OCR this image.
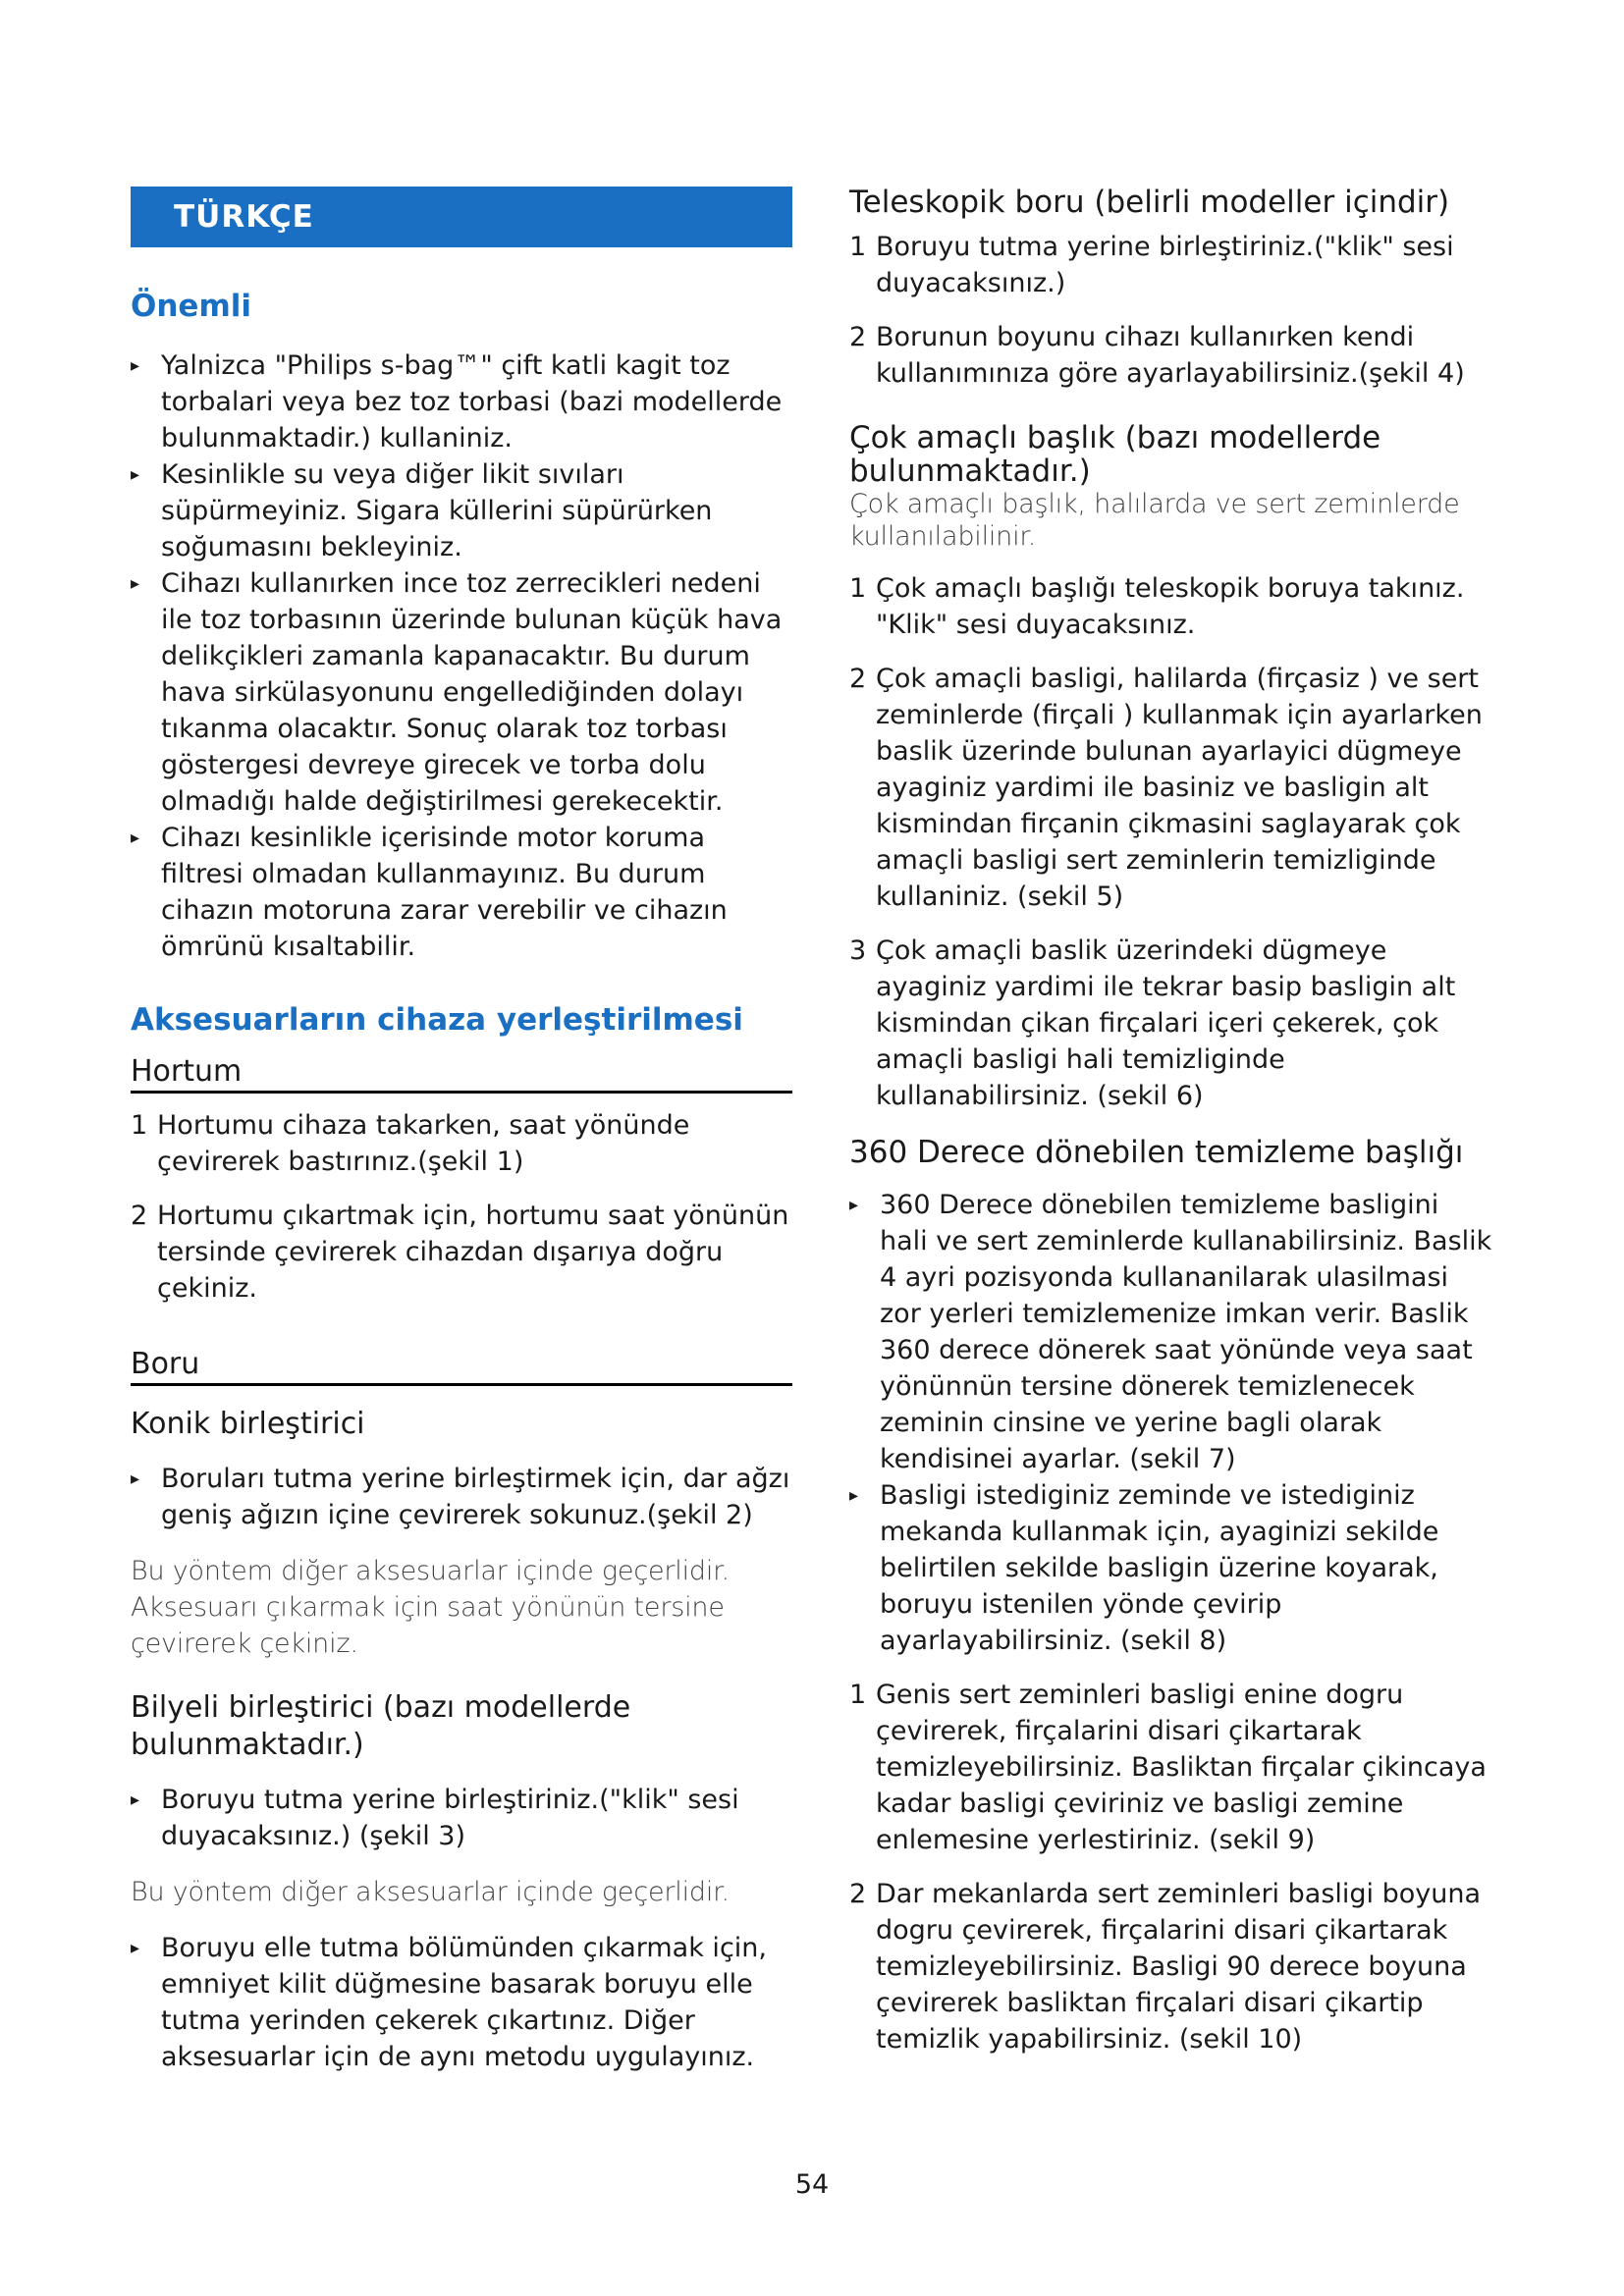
TÜRKÇE
Önemli

▸ Yalnizca "Philips s-bag™" çift katli kagit toz torbalari veya bez toz torbasi (bazi modellerde bulunmaktadir.) kullaniniz.

▸ Kesinlikle su veya diğer likit sıvıları süpürmeyiniz. Sigara küllerini süpürürken soğumasını bekleyiniz.

▸ Cihazı kullanırken ince toz zerrecikleri nedeni ile toz torbasının üzerinde bulunan küçük hava delikçikleri zamanla kapanacaktır. Bu durum hava sirkülasyonunu engellediğinden dolayı tıkanma olacaktır. Sonuç olarak toz torbası göstergesi devreye girecek ve torba dolu olmadığı halde değiştirilmesi gerekecektir.

▸ Cihazı kesinlikle içerisinde motor koruma filtresi olmadan kullanmayınız. Bu durum cihazın motoruna zarar verebilir ve cihazın ömrünü kısaltabilir.

Aksesuarların cihaza yerleştirilmesi
Hortum

1 Hortumu cihaza takarken, saat yönünde çevirerek bastırınız.(şekil 1)

2 Hortumu çıkartmak için, hortumu saat yönünün tersinde çevirerek cihazdan dışarıya doğru çekiniz.

Boru
Konik birleştirici

▸ Boruları tutma yerine birleştirmek için, dar ağzı geniş ağızın içine çevirerek sokunuz.(şekil 2)

Bu yöntem diğer aksesuarlar içinde geçerlidir. Aksesuarı çıkarmak için saat yönünün tersine çevirerek çekiniz.

Bilyeli birleştirici (bazı modellerde bulunmaktadır.)

▸ Boruyu tutma yerine birleştiriniz.("klik" sesi duyacaksınız.) (şekil 3)

Bu yöntem diğer aksesuarlar içinde geçerlidir.

▸ Boruyu elle tutma bölümünden çıkarmak için, emniyet kilit düğmesine basarak boruyu elle tutma yerinden çekerek çıkartınız. Diğer aksesuarlar için de aynı metodu uygulayınız.

Teleskopik boru (belirli modeller içindir)

1 Boruyu tutma yerine birleştiriniz.("klik" sesi duyacaksınız.)

2 Borunun boyunu cihazı kullanırken kendi kullanımınıza göre ayarlayabilirsiniz.(şekil 4)

Çok amaçlı başlık (bazı modellerde bulunmaktadır.)

Çok amaçlı başlık, halılarda ve sert zeminlerde kullanılabilinir.

1 Çok amaçlı başlığı teleskopik boruya takınız. "Klik" sesi duyacaksınız.

2 Çok amaçli basligi, halilarda (firçasiz ) ve sert zeminlerde (firçali ) kullanmak için ayarlarken baslik üzerinde bulunan ayarlayici dügmeye ayaginiz yardimi ile basiniz ve basligin alt kismindan firçanin çikmasini saglayarak çok amaçli basligi sert zeminlerin temizliginde kullaniniz. (sekil 5)

3 Çok amaçli baslik üzerindeki dügmeye ayaginiz yardimi ile tekrar basip basligin alt kismindan çikan firçalari içeri çekerek, çok amaçli basligi hali temizliginde kullanabilirsiniz. (sekil 6)

360 Derece dönebilen temizleme başlığı

▸ 360 Derece dönebilen temizleme basligini hali ve sert zeminlerde kullanabilirsiniz. Baslik 4 ayri pozisyonda kullananilarak ulasilmasi zor yerleri temizlemenize imkan verir. Baslik 360 derece dönerek saat yönünde veya saat yönünnün tersine dönerek temizlenecek zeminin cinsine ve yerine bagli olarak kendisinei ayarlar. (sekil 7)

▸ Basligi istediginiz zeminde ve istediginiz mekanda kullanmak için, ayaginizi sekilde belirtilen sekilde basligin üzerine koyarak, boruyu istenilen yönde çevirip ayarlayabilirsiniz. (sekil 8)

1 Genis sert zeminleri basligi enine dogru çevirerek, firçalarini disari çikartarak temizleyebilirsiniz. Basliktan firçalar çikincaya kadar basligi çeviriniz ve basligi zemine enlemesine yerlestiriniz. (sekil 9)

2 Dar mekanlarda sert zeminleri basligi boyuna dogru çevirerek, firçalarini disari çikartarak temizleyebilirsiniz. Basligi 90 derece boyuna çevirerek basliktan firçalari disari çikartip temizlik yapabilirsiniz. (sekil 10)

54
